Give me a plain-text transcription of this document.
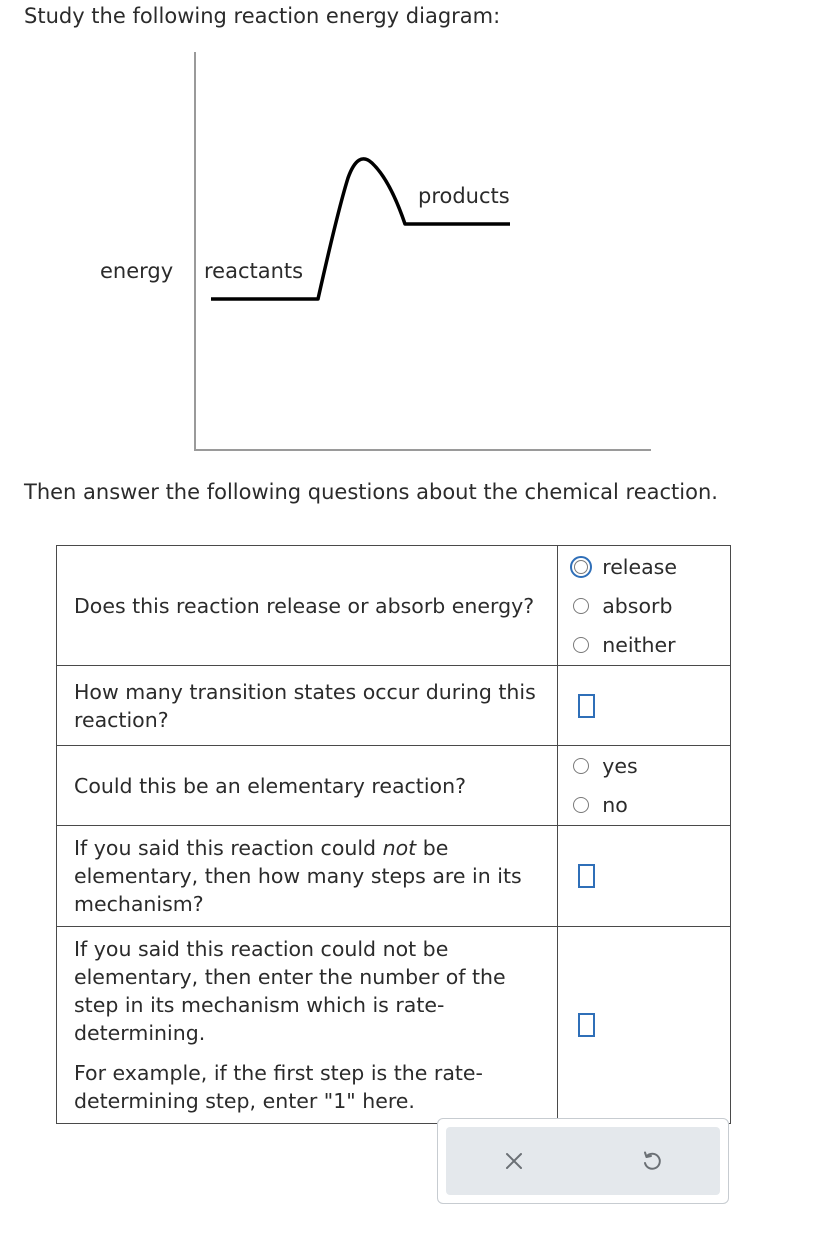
Study the following reaction energy diagram:

energy reactants
products
Then answer the following questions about the chemical reaction.

Does this reaction release or absorb energy?	release
absorb
neither

How many transition states occur during this reaction?

Could this be an elementary reaction?	yes
no

If you said this reaction could not be elementary, then how many steps are in its mechanism?

If you said this reaction could not be elementary, then enter the number of the step in its mechanism which is rate-determining.

For example, if the first step is the rate-determining step, enter "1" here.
